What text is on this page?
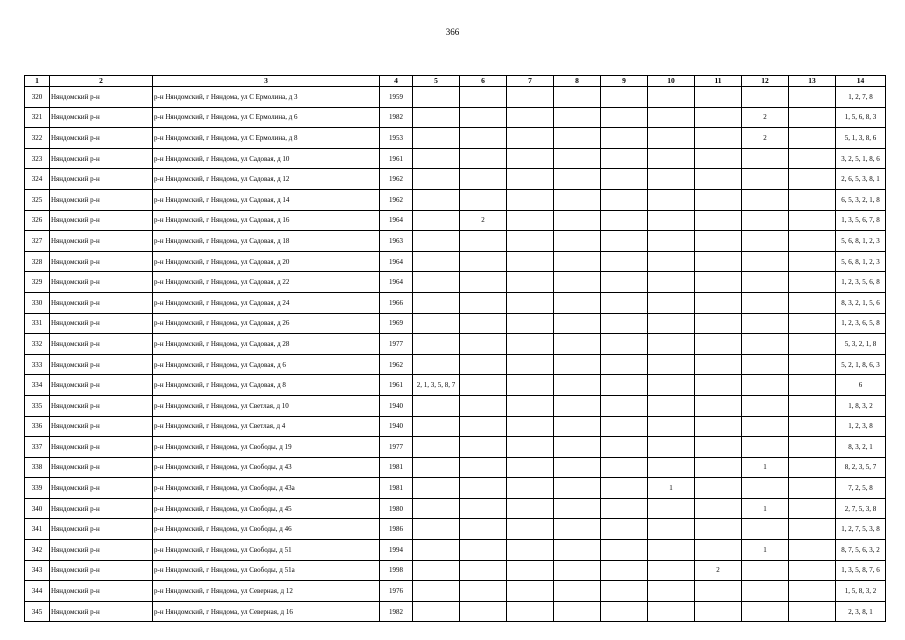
366
1	2	3	4	5	6	7	8	9	10	11	12	13	14
320	Няндомский р-н	р-н Няндомский, г Няндома, ул С Ермолина, д 3	1959										1, 2, 7, 8
321	Няндомский р-н	р-н Няндомский, г Няндома, ул С Ермолина, д 6	1982								2		1, 5, 6, 8, 3
322	Няндомский р-н	р-н Няндомский, г Няндома, ул С Ермолина, д 8	1953								2		5, 1, 3, 8, 6
323	Няндомский р-н	р-н Няндомский, г Няндома, ул Садовая, д 10	1961										3, 2, 5, 1, 8, 6
324	Няндомский р-н	р-н Няндомский, г Няндома, ул Садовая, д 12	1962										2, 6, 5, 3, 8, 1
325	Няндомский р-н	р-н Няндомский, г Няндома, ул Садовая, д 14	1962										6, 5, 3, 2, 1, 8
326	Няндомский р-н	р-н Няндомский, г Няндома, ул Садовая, д 16	1964		2								1, 3, 5, 6, 7, 8
327	Няндомский р-н	р-н Няндомский, г Няндома, ул Садовая, д 18	1963										5, 6, 8, 1, 2, 3
328	Няндомский р-н	р-н Няндомский, г Няндома, ул Садовая, д 20	1964										5, 6, 8, 1, 2, 3
329	Няндомский р-н	р-н Няндомский, г Няндома, ул Садовая, д 22	1964										1, 2, 3, 5, 6, 8
330	Няндомский р-н	р-н Няндомский, г Няндома, ул Садовая, д 24	1966										8, 3, 2, 1, 5, 6
331	Няндомский р-н	р-н Няндомский, г Няндома, ул Садовая, д 26	1969										1, 2, 3, 6, 5, 8
332	Няндомский р-н	р-н Няндомский, г Няндома, ул Садовая, д 28	1977										5, 3, 2, 1, 8
333	Няндомский р-н	р-н Няндомский, г Няндома, ул Садовая, д 6	1962										5, 2, 1, 8, 6, 3
334	Няндомский р-н	р-н Няндомский, г Няндома, ул Садовая, д 8	1961	2, 1, 3, 5, 8, 7									6
335	Няндомский р-н	р-н Няндомский, г Няндома, ул Светлая, д 10	1940										1, 8, 3, 2
336	Няндомский р-н	р-н Няндомский, г Няндома, ул Светлая, д 4	1940										1, 2, 3, 8
337	Няндомский р-н	р-н Няндомский, г Няндома, ул Свободы, д 19	1977										8, 3, 2, 1
338	Няндомский р-н	р-н Няндомский, г Няндома, ул Свободы, д 43	1981								1		8, 2, 3, 5, 7
339	Няндомский р-н	р-н Няндомский, г Няндома, ул Свободы, д 43а	1981						1				7, 2, 5, 8
340	Няндомский р-н	р-н Няндомский, г Няндома, ул Свободы, д 45	1980								1		2, 7, 5, 3, 8
341	Няндомский р-н	р-н Няндомский, г Няндома, ул Свободы, д 46	1986										1, 2, 7, 5, 3, 8
342	Няндомский р-н	р-н Няндомский, г Няндома, ул Свободы, д 51	1994								1		8, 7, 5, 6, 3, 2
343	Няндомский р-н	р-н Няндомский, г Няндома, ул Свободы, д 51а	1998							2			1, 3, 5, 8, 7, 6
344	Няндомский р-н	р-н Няндомский, г Няндома, ул Северная, д 12	1976										1, 5, 8, 3, 2
345	Няндомский р-н	р-н Няндомский, г Няндома, ул Северная, д 16	1982										2, 3, 8, 1
